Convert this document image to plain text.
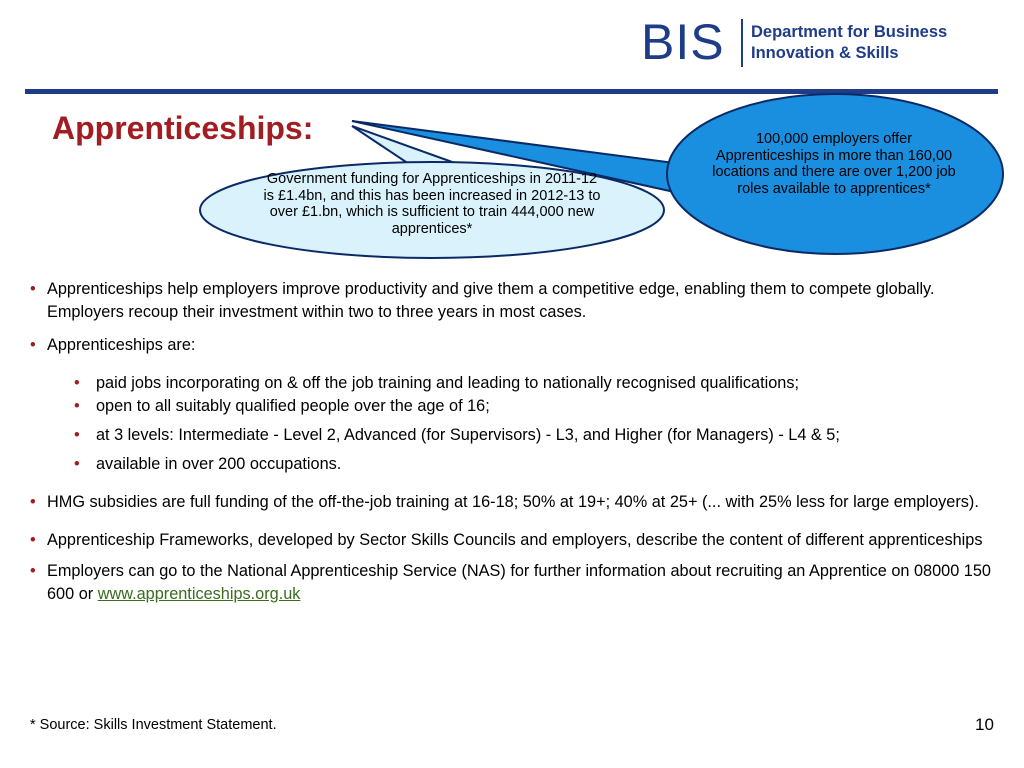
BIS Department for Business
Innovation & Skills
Apprenticeships:
Government funding for Apprenticeships in 2011-12 is £1.4bn, and this has been increased in 2012-13 to over £1.bn, which is sufficient to train 444,000 new apprentices*
100,000 employers offer Apprenticeships in more than 160,00 locations and there are over 1,200 job roles available to apprentices*
• Apprenticeships help employers improve productivity and give them a competitive edge, enabling them to compete globally. Employers recoup their investment within two to three years in most cases.
• Apprenticeships are:
• paid jobs incorporating on & off the job training and leading to nationally recognised qualifications;
• open to all suitably qualified people over the age of 16;
• at 3 levels: Intermediate - Level 2, Advanced (for Supervisors) - L3, and Higher (for Managers) - L4 & 5;
• available in over 200 occupations.
• HMG subsidies are full funding of the off-the-job training at 16-18; 50% at 19+; 40% at 25+ (... with 25% less for large employers).
• Apprenticeship Frameworks, developed by Sector Skills Councils and employers, describe the content of different apprenticeships
• Employers can go to the National Apprenticeship Service (NAS) for further information about recruiting an Apprentice on 08000 150 600 or www.apprenticeships.org.uk
* Source: Skills Investment Statement.	10
